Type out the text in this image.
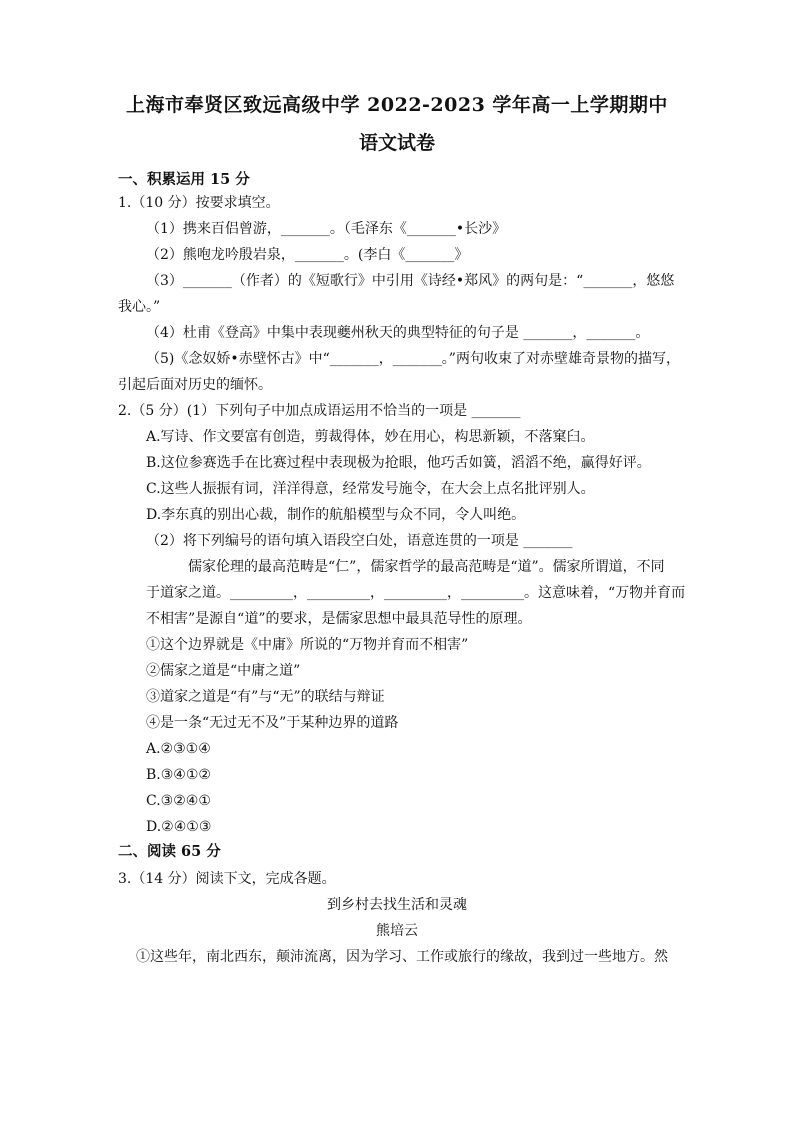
上海市奉贤区致远高级中学 2022-2023 学年高一上学期期中
语文试卷
一、积累运用 15 分
1.（10 分）按要求填空。
（1）携来百侣曾游，_______。（毛泽东《_______•长沙》
（2）熊咆龙吟殷岩泉，_______。(李白《_______》
（3）_______（作者）的《短歌行》中引用《诗经•郑风》的两句是：“_______，悠悠
我心。”
（4）杜甫《登高》中集中表现夔州秋天的典型特征的句子是 _______，_______。
（5)《念奴娇•赤壁怀古》中“_______，_______。”两句收束了对赤壁雄奇景物的描写，
引起后面对历史的缅怀。
2.（5 分）(1）下列句子中加点成语运用不恰当的一项是 _______
A.写诗、作文要富有创造，剪裁得体，妙在用心，构思新颖，不落窠臼。
B.这位参赛选手在比赛过程中表现极为抢眼，他巧舌如簧，滔滔不绝，赢得好评。
C.这些人振振有词，洋洋得意，经常发号施令，在大会上点名批评别人。
D.李东真的别出心裁，制作的航船模型与众不同，令人叫绝。
（2）将下列编号的语句填入语段空白处，语意连贯的一项是 _______
儒家伦理的最高范畴是“仁”，儒家哲学的最高范畴是“道”。儒家所谓道，不同
于道家之道。_________，_________，_________，_________。这意味着，“万物并育而
不相害”是源自“道”的要求，是儒家思想中最具范导性的原理。
①这个边界就是《中庸》所说的“万物并育而不相害”
②儒家之道是“中庸之道”
③道家之道是“有”与“无”的联结与辩证
④是一条“无过无不及”于某种边界的道路
A.②③①④
B.③④①②
C.③②④①
D.②④①③
二、阅读 65 分
3.（14 分）阅读下文，完成各题。
到乡村去找生活和灵魂
熊培云
①这些年，南北西东，颠沛流离，因为学习、工作或旅行的缘故，我到过一些地方。然
